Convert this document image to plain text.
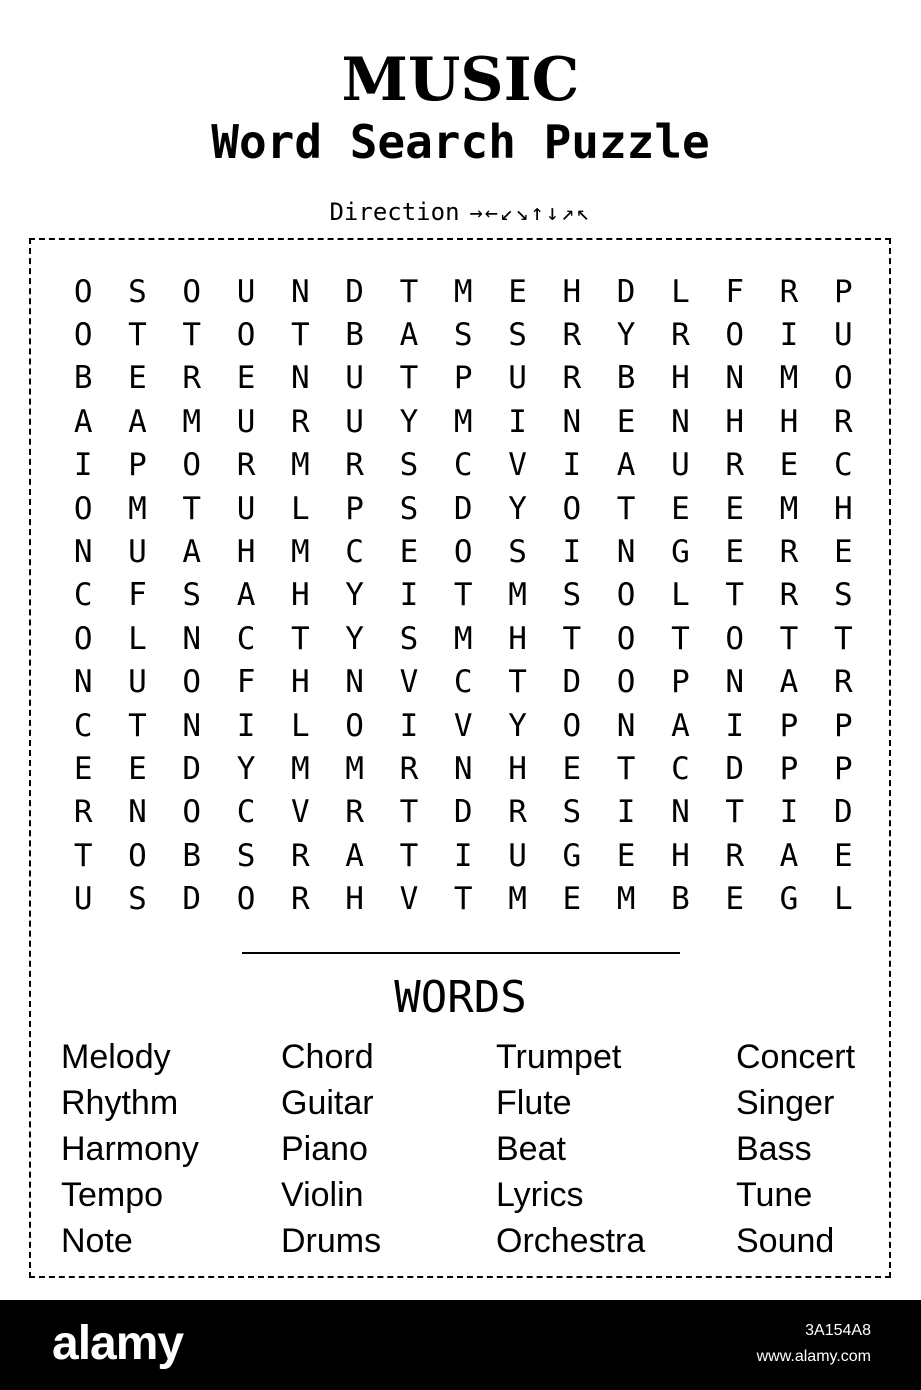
MUSIC
Word Search Puzzle
Direction →←↙↘↑↓↗↖
O	S	O	U	N	D	T	M	E	H	D	L	F	R	P
O	T	T	O	T	B	A	S	S	R	Y	R	O	I	U
B	E	R	E	N	U	T	P	U	R	B	H	N	M	O
A	A	M	U	R	U	Y	M	I	N	E	N	H	H	R
I	P	O	R	M	R	S	C	V	I	A	U	R	E	C
O	M	T	U	L	P	S	D	Y	O	T	E	E	M	H
N	U	A	H	M	C	E	O	S	I	N	G	E	R	E
C	F	S	A	H	Y	I	T	M	S	O	L	T	R	S
O	L	N	C	T	Y	S	M	H	T	O	T	O	T	T
N	U	O	F	H	N	V	C	T	D	O	P	N	A	R
C	T	N	I	L	O	I	V	Y	O	N	A	I	P	P
E	E	D	Y	M	M	R	N	H	E	T	C	D	P	P
R	N	O	C	V	R	T	D	R	S	I	N	T	I	D
T	O	B	S	R	A	T	I	U	G	E	H	R	A	E
U	S	D	O	R	H	V	T	M	E	M	B	E	G	L
WORDS
Melody
Rhythm
Harmony
Tempo
Note
Chord
Guitar
Piano
Violin
Drums
Trumpet
Flute
Beat
Lyrics
Orchestra
Concert
Singer
Bass
Tune
Sound
alamy	3A154A8
www.alamy.com
